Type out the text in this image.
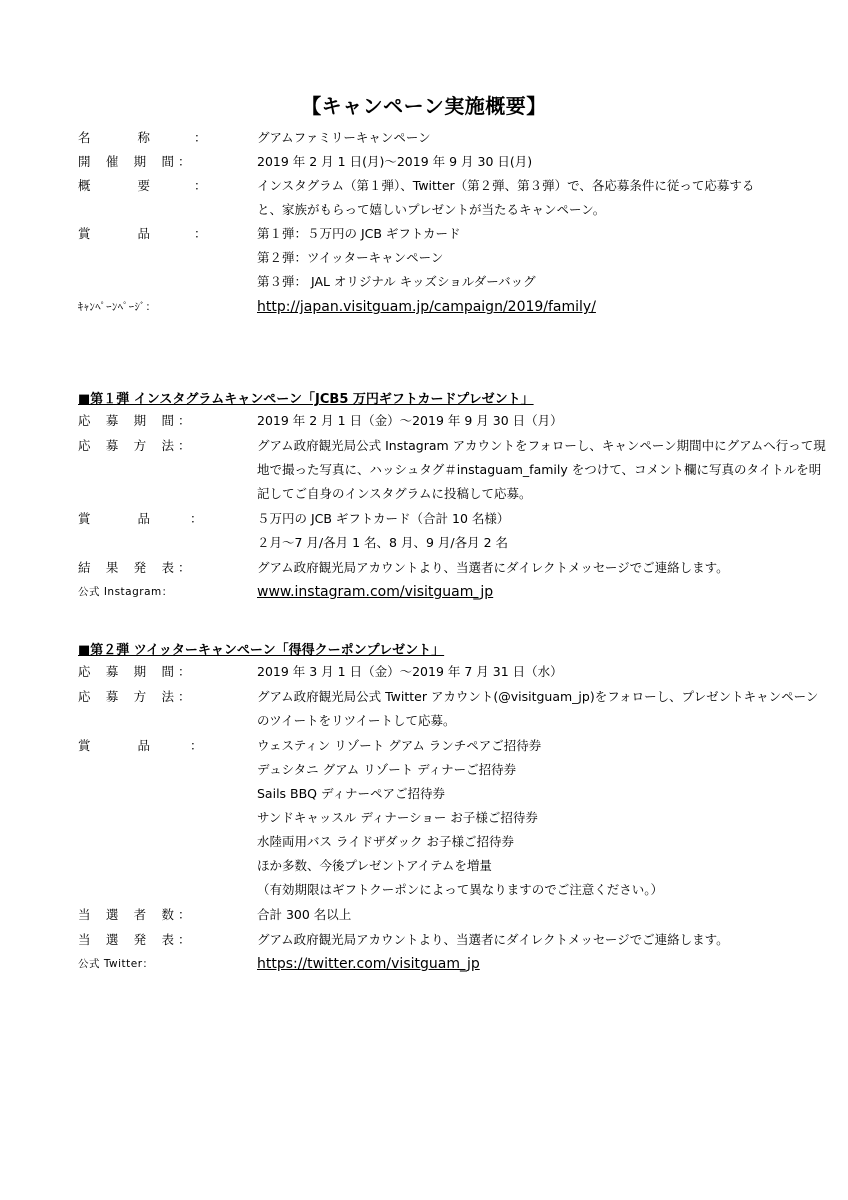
【キャンペーン実施概要】
名	称	：	グアムファミリーキャンペーン
開 催 期 間 ：	2019 年 2 月 1 日(月)～2019 年 9 月 30 日(月)
概	要	：	インスタグラム（第１弾）、Twitter（第２弾、第３弾）で、各応募条件に従って応募する
と、家族がもらって嬉しいプレゼントが当たるキャンペーン。
賞	品	：	第１弾：５万円の JCB ギフトカード
第２弾：ツイッターキャンペーン
第３弾： JAL オリジナル キッズショルダーバッグ
ｷｬﾝﾍﾟｰﾝﾍﾟｰｼﾞ：	http://japan.visitguam.jp/campaign/2019/family/
■第１弾 インスタグラムキャンペーン「JCB5 万円ギフトカードプレゼント」
応 募 期 間 ：	2019 年 2 月 1 日（金）～2019 年 9 月 30 日（月）
応 募 方 法 ：	グアム政府観光局公式 Instagram アカウントをフォローし、キャンペーン期間中にグアムへ行って現
地で撮った写真に、ハッシュタグ＃instaguam_family をつけて、コメント欄に写真のタイトルを明
記してご自身のインスタグラムに投稿して応募。
賞	品	：	５万円の JCB ギフトカード（合計 10 名様）
２月～7 月/各月 1 名、8 月、9 月/各月 2 名
結 果 発 表 ：	グアム政府観光局アカウントより、当選者にダイレクトメッセージでご連絡します。
公式 Instagram：	www.instagram.com/visitguam_jp
■第２弾 ツイッターキャンペーン「得得クーポンプレゼント」
応 募 期 間 ：	2019 年 3 月 1 日（金）～2019 年 7 月 31 日（水）
応 募 方 法 ：	グアム政府観光局公式 Twitter アカウント(@visitguam_jp)をフォローし、プレゼントキャンペーン
のツイートをリツイートして応募。
賞	品	：	ウェスティン リゾート グアム ランチペアご招待券
デュシタニ グアム リゾート ディナーご招待券
Sails BBQ ディナーペアご招待券
サンドキャッスル ディナーショー お子様ご招待券
水陸両用バス ライドザダック お子様ご招待券
ほか多数、今後プレゼントアイテムを増量
（有効期限はギフトクーポンによって異なりますのでご注意ください。）
当 選 者 数 ：	合計 300 名以上
当 選 発 表 ：	グアム政府観光局アカウントより、当選者にダイレクトメッセージでご連絡します。
公式 Twitter：	https://twitter.com/visitguam_jp
